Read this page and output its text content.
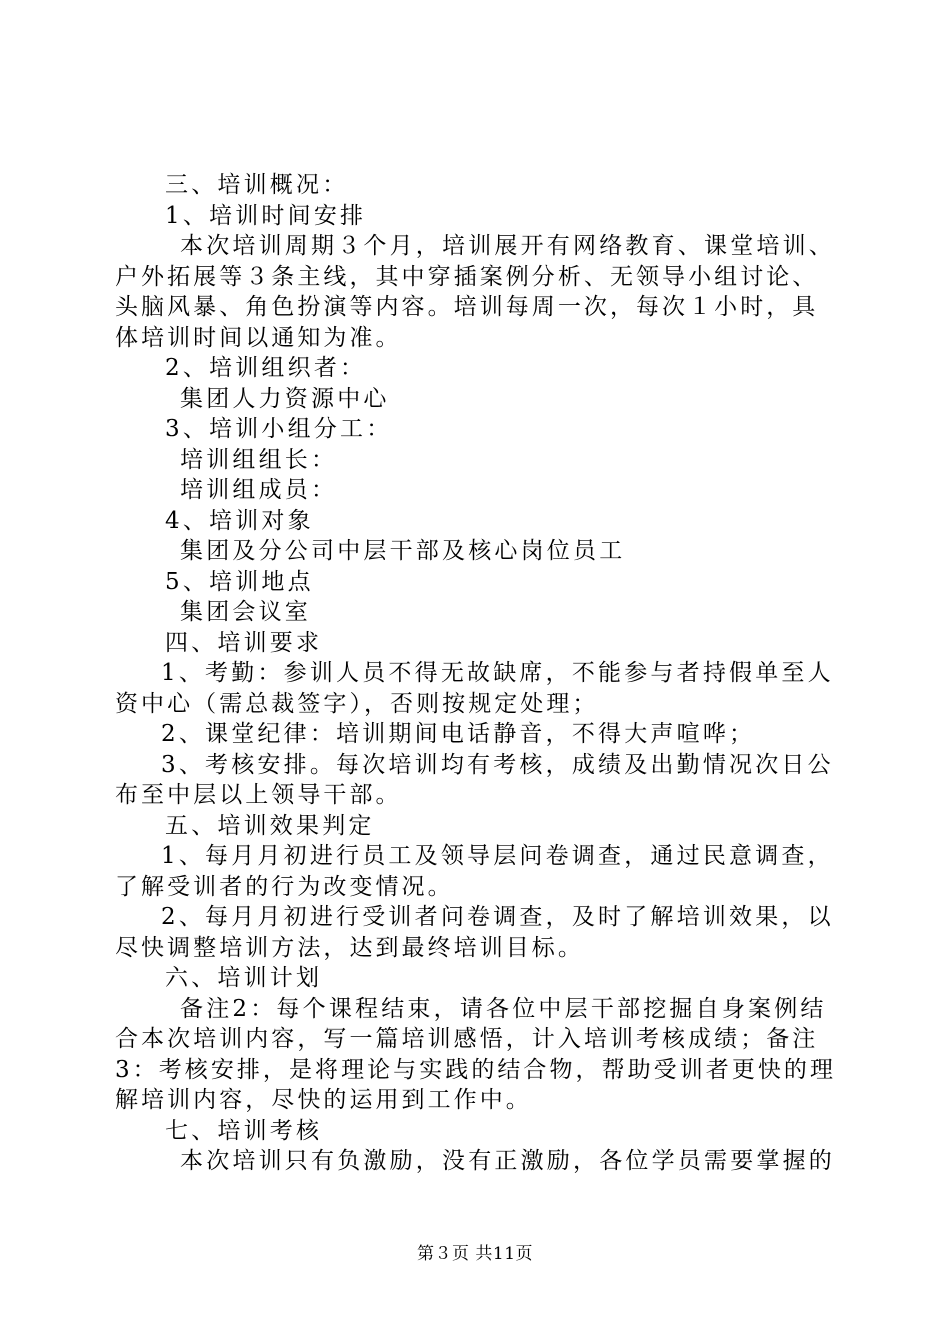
三、培训概况：
1、培训时间安排
本次培训周期３个月，培训展开有网络教育、课堂培训、
户外拓展等３条主线，其中穿插案例分析、无领导小组讨论、
头脑风暴、角色扮演等内容。培训每周一次，每次１小时，具
体培训时间以通知为准。
2、培训组织者：
集团人力资源中心
3、培训小组分工：
培训组组长：
培训组成员：
4、培训对象
集团及分公司中层干部及核心岗位员工
5、培训地点
集团会议室
四、培训要求
1、考勤：参训人员不得无故缺席，不能参与者持假单至人
资中心（需总裁签字），否则按规定处理；
2、课堂纪律：培训期间电话静音，不得大声喧哗；
3、考核安排。每次培训均有考核，成绩及出勤情况次日公
布至中层以上领导干部。
五、培训效果判定
1、每月月初进行员工及领导层问卷调查，通过民意调查，
了解受训者的行为改变情况。
2、每月月初进行受训者问卷调查，及时了解培训效果，以
尽快调整培训方法，达到最终培训目标。
六、培训计划
备注2：每个课程结束，请各位中层干部挖掘自身案例结
合本次培训内容，写一篇培训感悟，计入培训考核成绩；备注
3：考核安排，是将理论与实践的结合物，帮助受训者更快的理
解培训内容，尽快的运用到工作中。
七、培训考核
本次培训只有负激励，没有正激励，各位学员需要掌握的
第３页 共11页
